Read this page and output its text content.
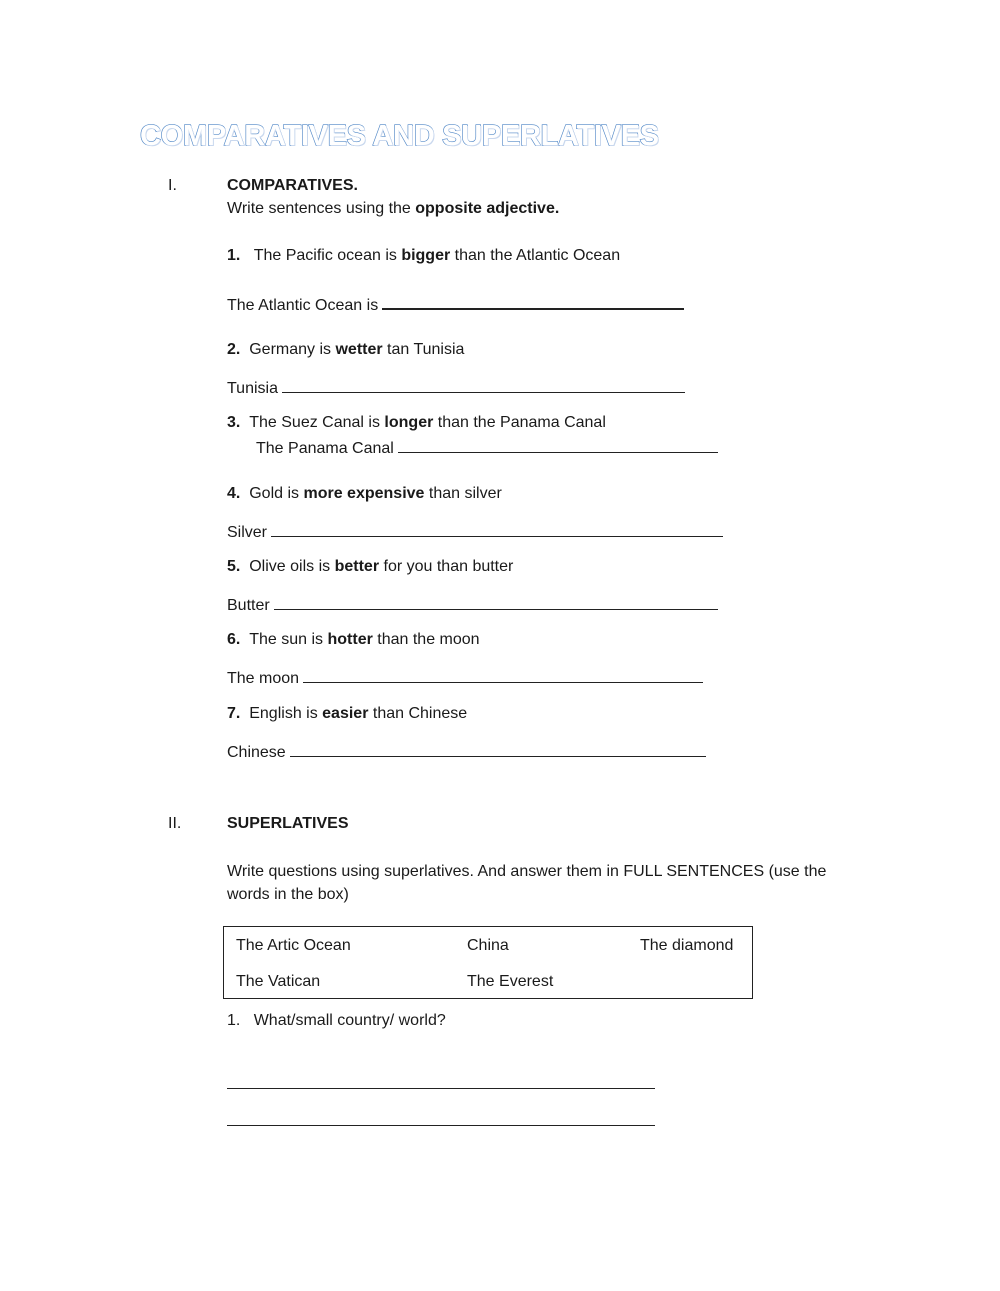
COMPARATIVES AND SUPERLATIVES
I.	COMPARATIVES.
Write sentences using the opposite adjective.
1. The Pacific ocean is bigger than the Atlantic Ocean
The Atlantic Ocean is
2. Germany is wetter tan Tunisia
Tunisia
3. The Suez Canal is longer than the Panama Canal
The Panama Canal
4. Gold is more expensive than silver
Silver
5. Olive oils is better for you than butter
Butter
6. The sun is hotter than the moon
The moon
7. English is easier than Chinese
Chinese
II.	SUPERLATIVES
Write questions using superlatives. And answer them in FULL SENTENCES (use the
words in the box)
The Artic Ocean	China	The diamond
The Vatican	The Everest
1. What/small country/ world?
